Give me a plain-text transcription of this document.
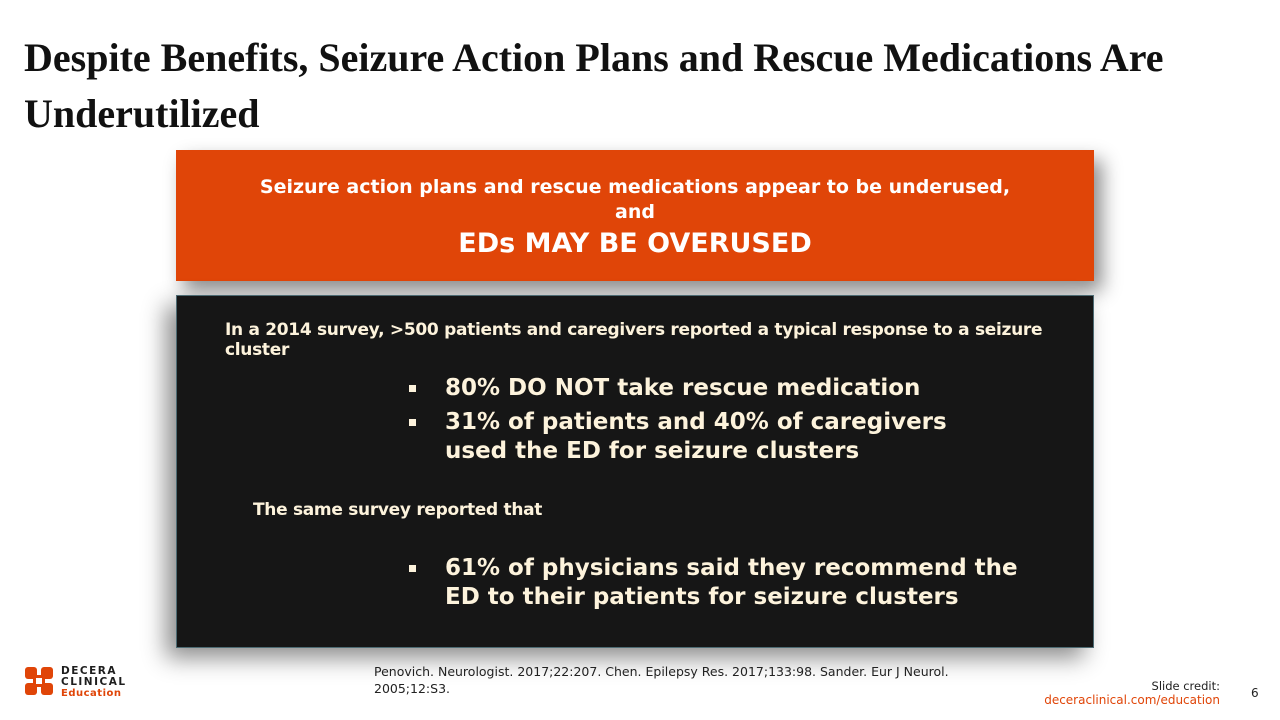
Despite Benefits, Seizure Action Plans and Rescue Medications Are Underutilized
Seizure action plans and rescue medications appear to be underused,
and
EDs MAY BE OVERUSED
In a 2014 survey, >500 patients and caregivers reported a typical response to a seizure cluster
80% DO NOT take rescue medication
31% of patients and 40% of caregivers used the ED for seizure clusters
The same survey reported that
61% of physicians said they recommend the ED to their patients for seizure clusters
DECERA
CLINICAL
Education
Penovich. Neurologist. 2017;22:207. Chen. Epilepsy Res. 2017;133:98. Sander. Eur J Neurol. 2005;12:S3.	Slide credit:
deceraclinical.com/education	6
